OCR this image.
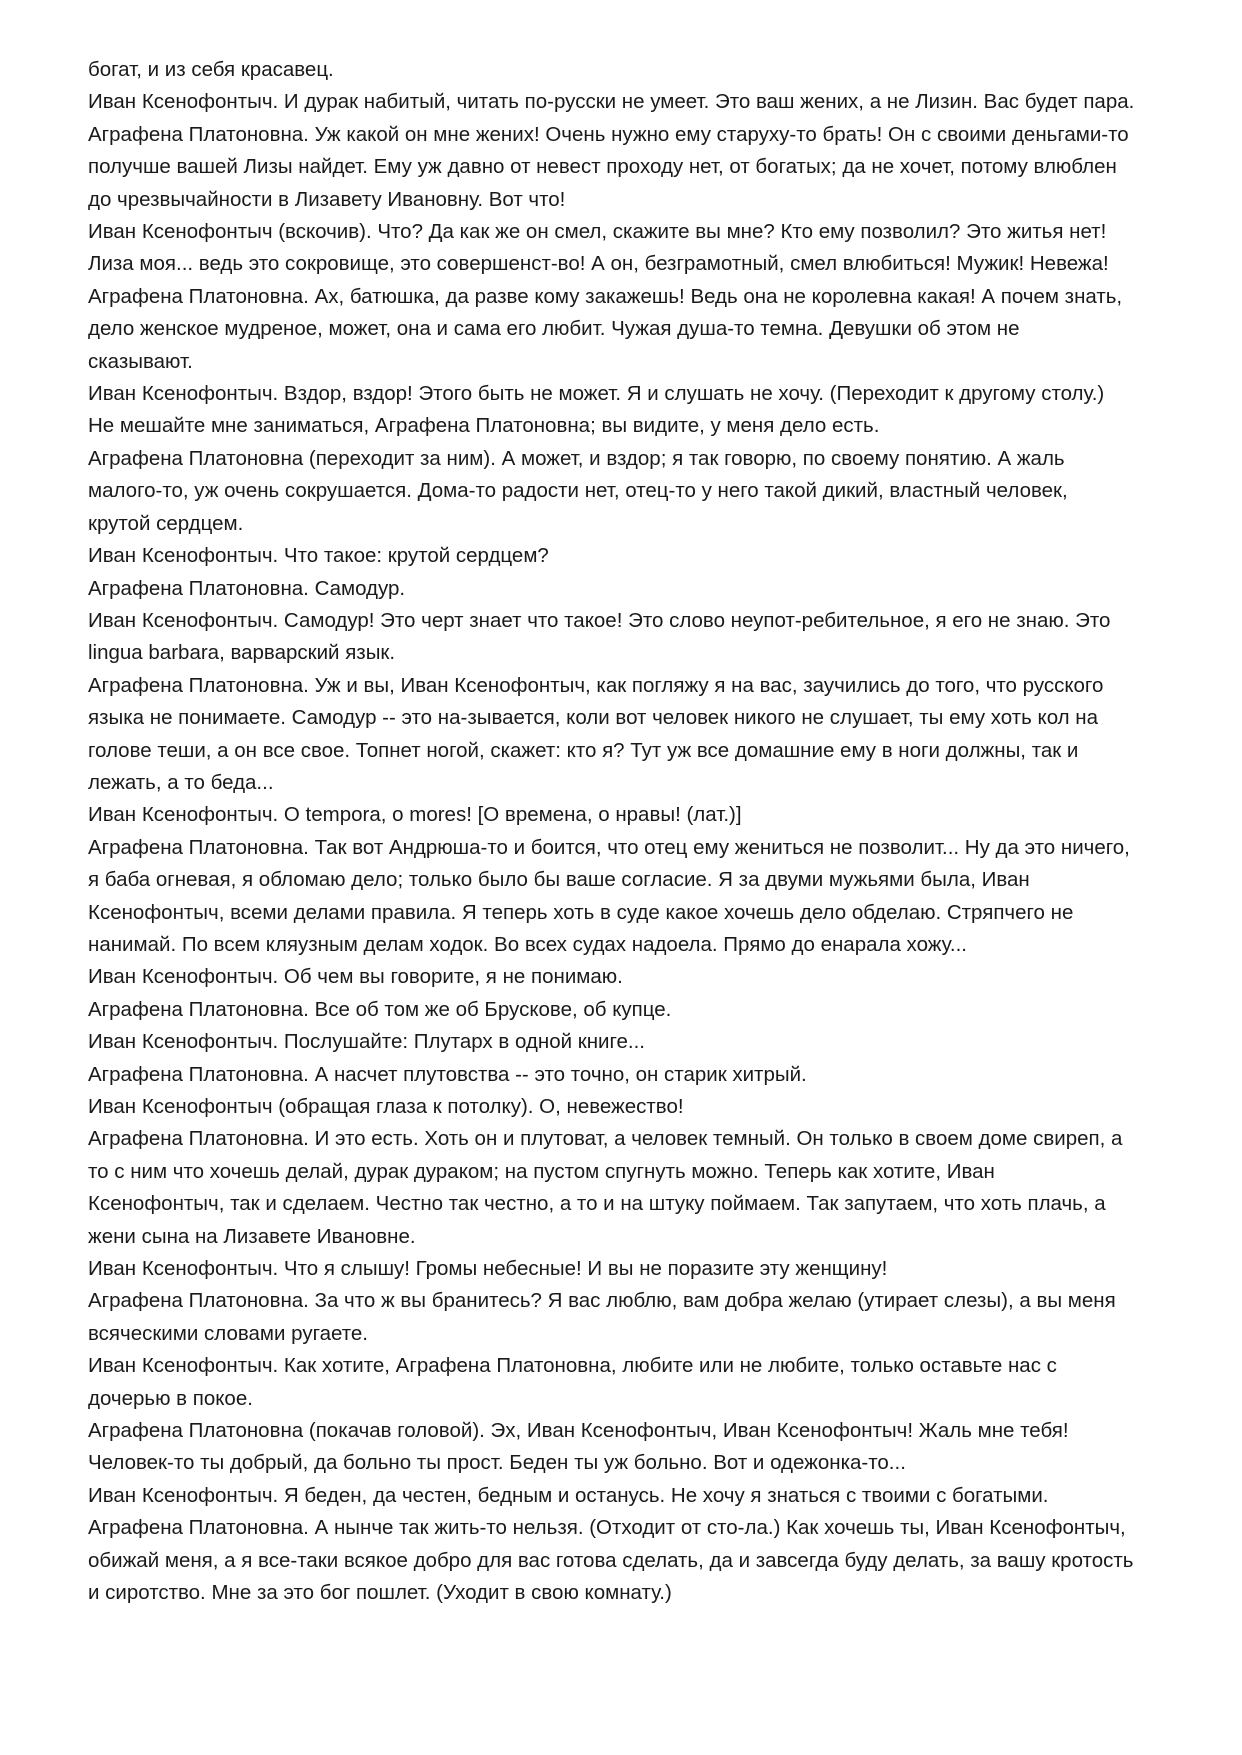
богат, и из себя красавец.

Иван Ксенофонтыч. И дурак набитый, читать по-русски не умеет. Это ваш жених, а не Лизин. Вас будет пара.

Аграфена Платоновна. Уж какой он мне жених! Очень нужно ему старуху-то брать! Он с своими деньгами-то
получше вашей Лизы найдет. Ему уж давно от невест проходу нет, от богатых; да не хочет, потому влюблен
до чрезвычайности в Лизавету Ивановну. Вот что!

Иван Ксенофонтыч (вскочив). Что? Да как же он смел, скажите вы мне? Кто ему позволил? Это житья нет!
Лиза моя... ведь это сокровище, это совершенст-во! А он, безграмотный, смел влюбиться! Мужик! Невежа!

Аграфена Платоновна. Ах, батюшка, да разве кому закажешь! Ведь она не королевна какая! А почем знать,
дело женское мудреное, может, она и сама его любит. Чужая душа-то темна. Девушки об этом не
сказывают.

Иван Ксенофонтыч. Вздор, вздор! Этого быть не может. Я и слушать не хочу. (Переходит к другому столу.)
Не мешайте мне заниматься, Аграфена Платоновна; вы видите, у меня дело есть.

Аграфена Платоновна (переходит за ним). А может, и вздор; я так говорю, по своему понятию. А жаль
малого-то, уж очень сокрушается. Дома-то радости нет, отец-то у него такой дикий, властный человек,
крутой сердцем.

Иван Ксенофонтыч. Что такое: крутой сердцем?

Аграфена Платоновна. Самодур.

Иван Ксенофонтыч. Самодур! Это черт знает что такое! Это слово неупот-ребительное, я его не знаю. Это
lingua barbara, варварский язык.

Аграфена Платоновна. Уж и вы, Иван Ксенофонтыч, как погляжу я на вас, заучились до того, что русского
языка не понимаете. Самодур -- это на-зывается, коли вот человек никого не слушает, ты ему хоть кол на
голове теши, а он все свое. Топнет ногой, скажет: кто я? Тут уж все домашние ему в ноги должны, так и
лежать, а то беда...

Иван Ксенофонтыч. О tempora, o mores! [О времена, о нравы! (лат.)]

Аграфена Платоновна. Так вот Андрюша-то и боится, что отец ему жениться не позволит... Ну да это ничего,
я баба огневая, я обломаю дело; только было бы ваше согласие. Я за двуми мужьями была, Иван
Ксенофонтыч, всеми делами правила. Я теперь хоть в суде какое хочешь дело обделаю. Стряпчего не
нанимай. По всем кляузным делам ходок. Во всех судах надоела. Прямо до енарала хожу...

Иван Ксенофонтыч. Об чем вы говорите, я не понимаю.

Аграфена Платоновна. Все об том же об Брускове, об купце.

Иван Ксенофонтыч. Послушайте: Плутарх в одной книге...

Аграфена Платоновна. А насчет плутовства -- это точно, он старик хитрый.

Иван Ксенофонтыч (обращая глаза к потолку). О, невежество!

Аграфена Платоновна. И это есть. Хоть он и плутоват, а человек темный. Он только в своем доме свиреп, а
то с ним что хочешь делай, дурак дураком; на пустом спугнуть можно. Теперь как хотите, Иван
Ксенофонтыч, так и сделаем. Честно так честно, а то и на штуку поймаем. Так запутаем, что хоть плачь, а
жени сына на Лизавете Ивановне.

Иван Ксенофонтыч. Что я слышу! Громы небесные! И вы не поразите эту женщину!

Аграфена Платоновна. За что ж вы бранитесь? Я вас люблю, вам добра желаю (утирает слезы), а вы меня
всяческими словами ругаете.

Иван Ксенофонтыч. Как хотите, Аграфена Платоновна, любите или не любите, только оставьте нас с
дочерью в покое.

Аграфена Платоновна (покачав головой). Эх, Иван Ксенофонтыч, Иван Ксенофонтыч! Жаль мне тебя!
Человек-то ты добрый, да больно ты прост. Беден ты уж больно. Вот и одежонка-то...

Иван Ксенофонтыч. Я беден, да честен, бедным и останусь. Не хочу я знаться с твоими с богатыми.

Аграфена Платоновна. А нынче так жить-то нельзя. (Отходит от сто-ла.) Как хочешь ты, Иван Ксенофонтыч,
обижай меня, а я все-таки всякое добро для вас готова сделать, да и завсегда буду делать, за вашу кротость
и сиротство. Мне за это бог пошлет. (Уходит в свою комнату.)
